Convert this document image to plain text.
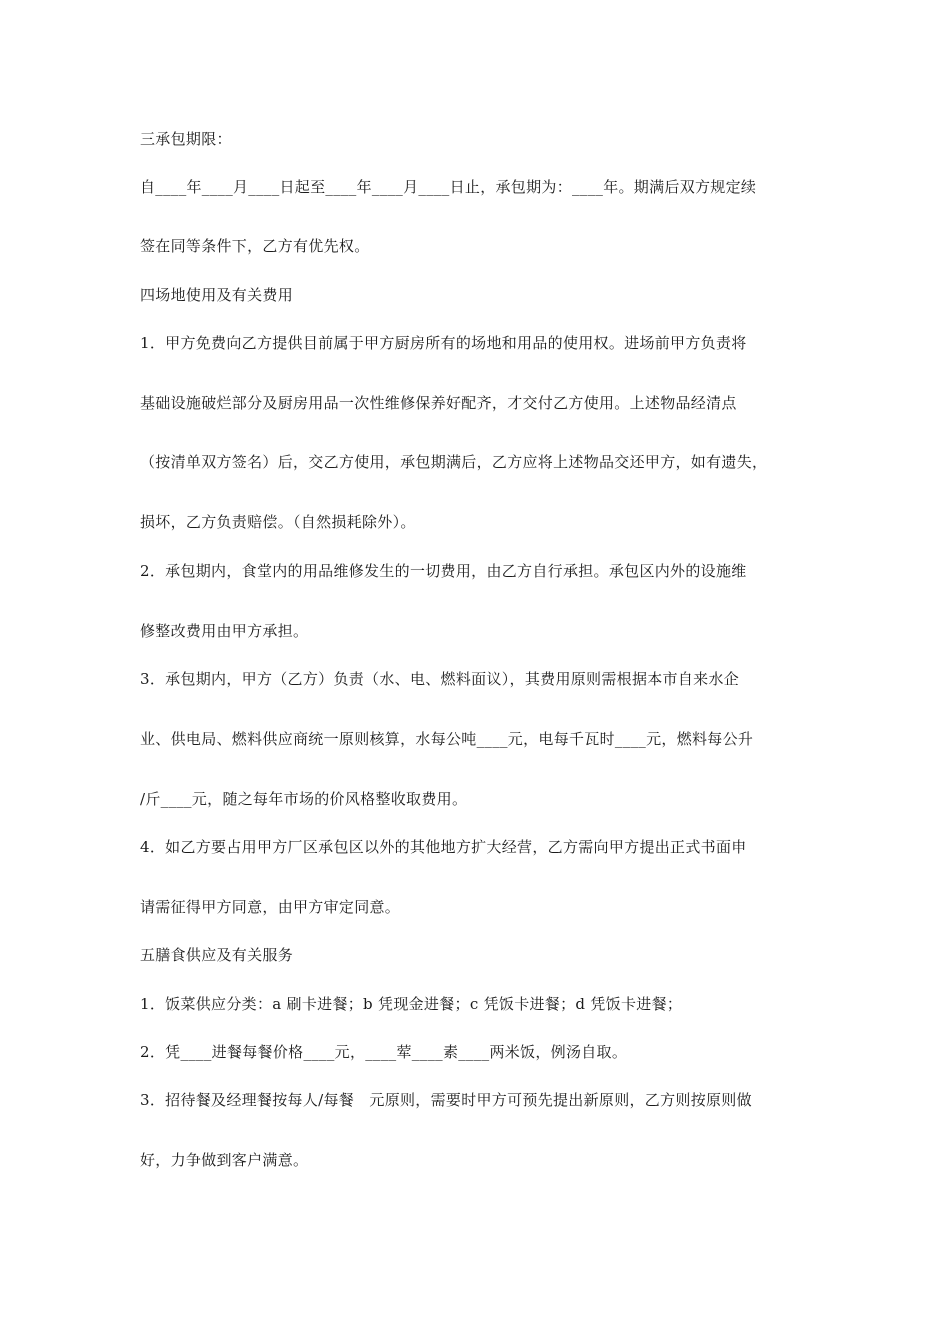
三承包期限：
自____年____月____日起至____年____月____日止，承包期为：____年。期满后双方规定续
签在同等条件下，乙方有优先权。
四场地使用及有关费用
1．甲方免费向乙方提供目前属于甲方厨房所有的场地和用品的使用权。进场前甲方负责将
基础设施破烂部分及厨房用品一次性维修保养好配齐，才交付乙方使用。上述物品经清点
（按清单双方签名）后，交乙方使用，承包期满后，乙方应将上述物品交还甲方，如有遗失，
损坏，乙方负责赔偿。（自然损耗除外）。
2．承包期内，食堂内的用品维修发生的一切费用，由乙方自行承担。承包区内外的设施维
修整改费用由甲方承担。
3．承包期内，甲方（乙方）负责（水、电、燃料面议），其费用原则需根据本市自来水企
业、供电局、燃料供应商统一原则核算，水每公吨____元，电每千瓦时____元，燃料每公升
/斤____元，随之每年市场的价风格整收取费用。
4．如乙方要占用甲方厂区承包区以外的其他地方扩大经营，乙方需向甲方提出正式书面申
请需征得甲方同意，由甲方审定同意。
五膳食供应及有关服务
1．饭菜供应分类：a 刷卡进餐；b 凭现金进餐；c 凭饭卡进餐；d 凭饭卡进餐；
2．凭____进餐每餐价格____元，____荤____素____两米饭，例汤自取。
3．招待餐及经理餐按每人/每餐　元原则，需要时甲方可预先提出新原则，乙方则按原则做
好，力争做到客户满意。
